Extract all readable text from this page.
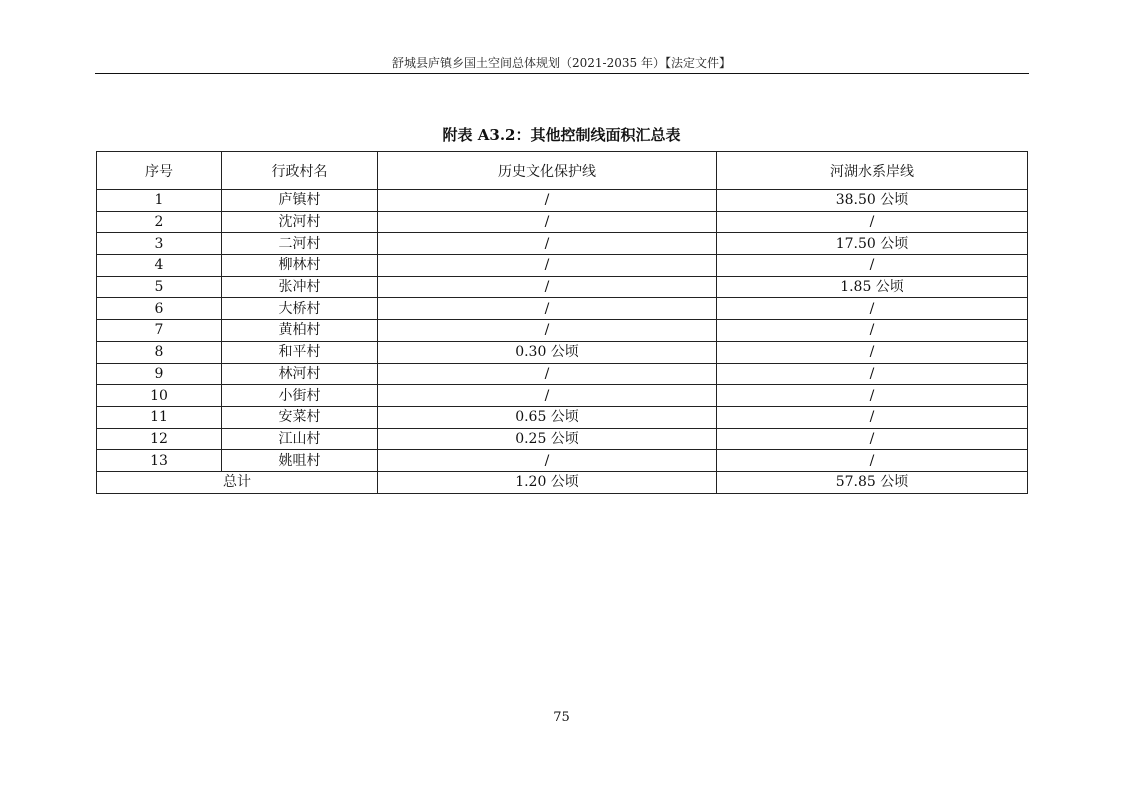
舒城县庐镇乡国土空间总体规划（2021-2035 年）【法定文件】
附表 A3.2：其他控制线面积汇总表
序号	行政村名	历史文化保护线	河湖水系岸线
1	庐镇村	/	38.50 公顷
2	沈河村	/	/
3	二河村	/	17.50 公顷
4	柳林村	/	/
5	张冲村	/	1.85 公顷
6	大桥村	/	/
7	黄柏村	/	/
8	和平村	0.30 公顷	/
9	林河村	/	/
10	小街村	/	/
11	安菜村	0.65 公顷	/
12	江山村	0.25 公顷	/
13	姚咀村	/	/
总计		1.20 公顷	57.85 公顷
75
